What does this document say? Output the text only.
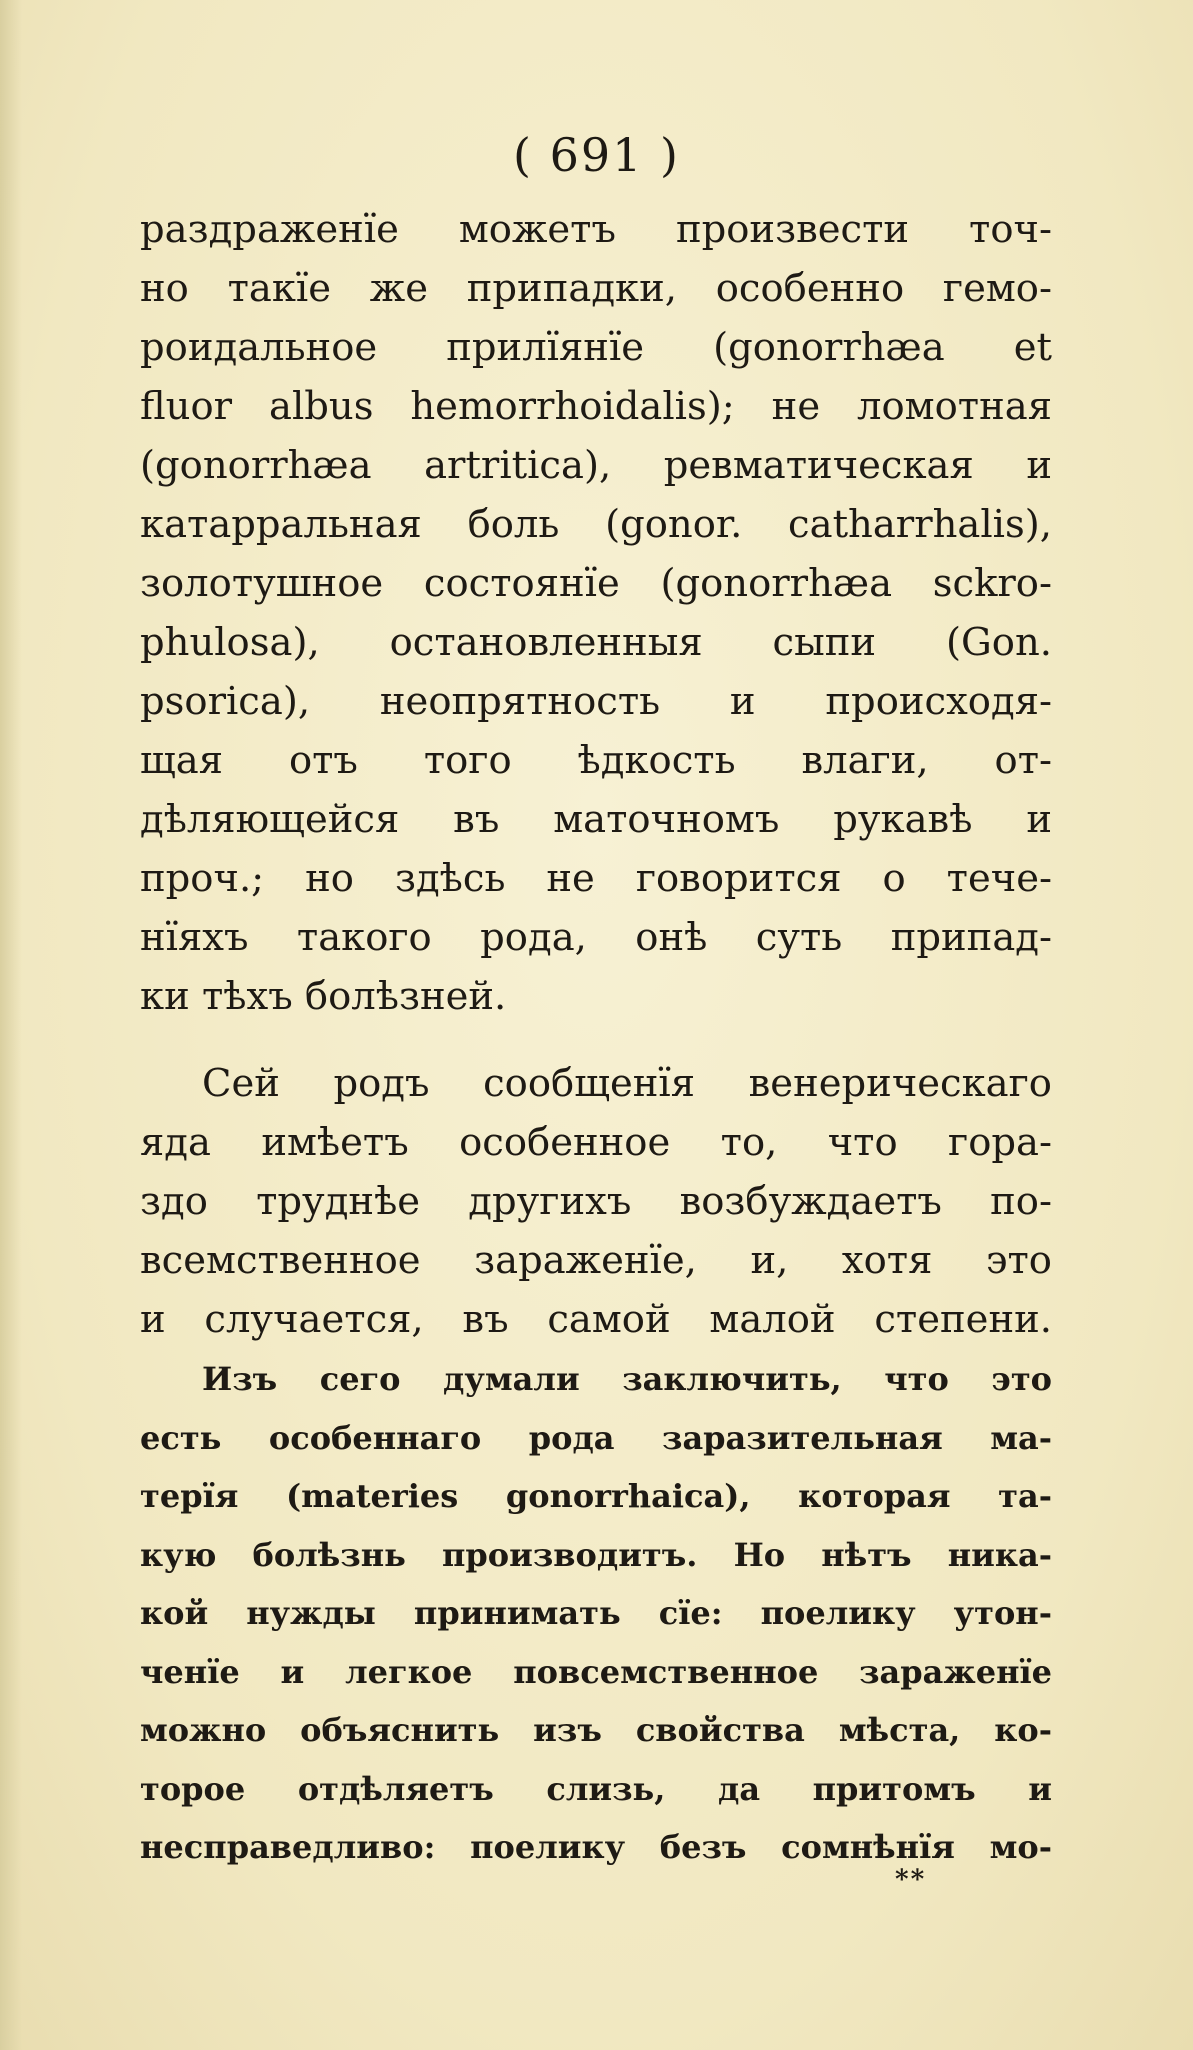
( 691 )
раздраженїе можетъ произвести точ-
но такїе же припадки, особенно гемо-
роидальное прилїянїе (gonorrhæa et
fluor albus hemorrhoidalis); не ломотная
(gonorrhæa artritica), ревматическая и
катарральная боль (gonor. catharrhalis),
золотушное состоянїе (gonorrhæa sckro-
phulosa), остановленныя сыпи (Gon.
psorica), неопрятность и происходя-
щая отъ того ѣдкость влаги, от-
дѣляющейся въ маточномъ рукавѣ и
проч.; но здѣсь не говорится о тече-
нїяхъ такого рода, онѣ суть припад-
ки тѣхъ болѣзней.
Сей родъ сообщенїя венерическаго
яда имѣетъ особенное то, что гора-
здо труднѣе другихъ возбуждаетъ по-
всемственное зараженїе, и, хотя это
и случается, въ самой малой степени.
Изъ сего думали заключить, что это
есть особеннаго рода заразительная ма-
терїя (materies gonorrhaica), которая та-
кую болѣзнь производитъ. Но нѣтъ ника-
кой нужды принимать сїе: поелику утон-
ченїе и легкое повсемственное зараженїе
можно объяснить изъ свойства мѣста, ко-
торое отдѣляетъ слизь, да притомъ и
несправедливо: поелику безъ сомнѣнїя мо-
**
